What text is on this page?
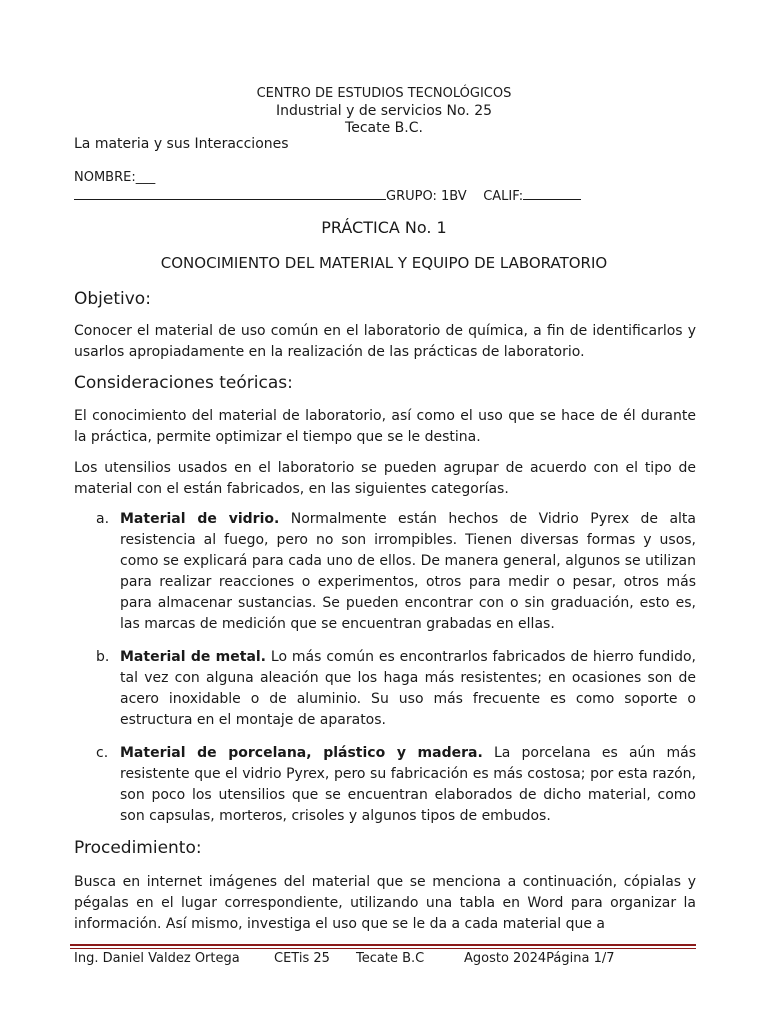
CENTRO DE ESTUDIOS TECNOLÓGICOS
Industrial y de servicios No. 25
Tecate B.C.
La materia y sus Interacciones
NOMBRE:___
GRUPO: 1BV CALIF:
PRÁCTICA No. 1
CONOCIMIENTO DEL MATERIAL Y EQUIPO DE LABORATORIO
Objetivo:
Conocer el material de uso común en el laboratorio de química, a fin de identificarlos y usarlos apropiadamente en la realización de las prácticas de laboratorio.
Consideraciones teóricas:
El conocimiento del material de laboratorio, así como el uso que se hace de él durante la práctica, permite optimizar el tiempo que se le destina.
Los utensilios usados en el laboratorio se pueden agrupar de acuerdo con el tipo de material con el están fabricados, en las siguientes categorías.
a. Material de vidrio. Normalmente están hechos de Vidrio Pyrex de alta resistencia al fuego, pero no son irrompibles. Tienen diversas formas y usos, como se explicará para cada uno de ellos. De manera general, algunos se utilizan para realizar reacciones o experimentos, otros para medir o pesar, otros más para almacenar sustancias. Se pueden encontrar con o sin graduación, esto es, las marcas de medición que se encuentran grabadas en ellas.
b. Material de metal. Lo más común es encontrarlos fabricados de hierro fundido, tal vez con alguna aleación que los haga más resistentes; en ocasiones son de acero inoxidable o de aluminio. Su uso más frecuente es como soporte o estructura en el montaje de aparatos.
c. Material de porcelana, plástico y madera. La porcelana es aún más resistente que el vidrio Pyrex, pero su fabricación es más costosa; por esta razón, son poco los utensilios que se encuentran elaborados de dicho material, como son capsulas, morteros, crisoles y algunos tipos de embudos.
Procedimiento:
Busca en internet imágenes del material que se menciona a continuación, cópialas y pégalas en el lugar correspondiente, utilizando una tabla en Word para organizar la información. Así mismo, investiga el uso que se le da a cada material que a
Ing. Daniel Valdez Ortega	CETis 25 Tecate B.C	Agosto 2024Página 1/7
